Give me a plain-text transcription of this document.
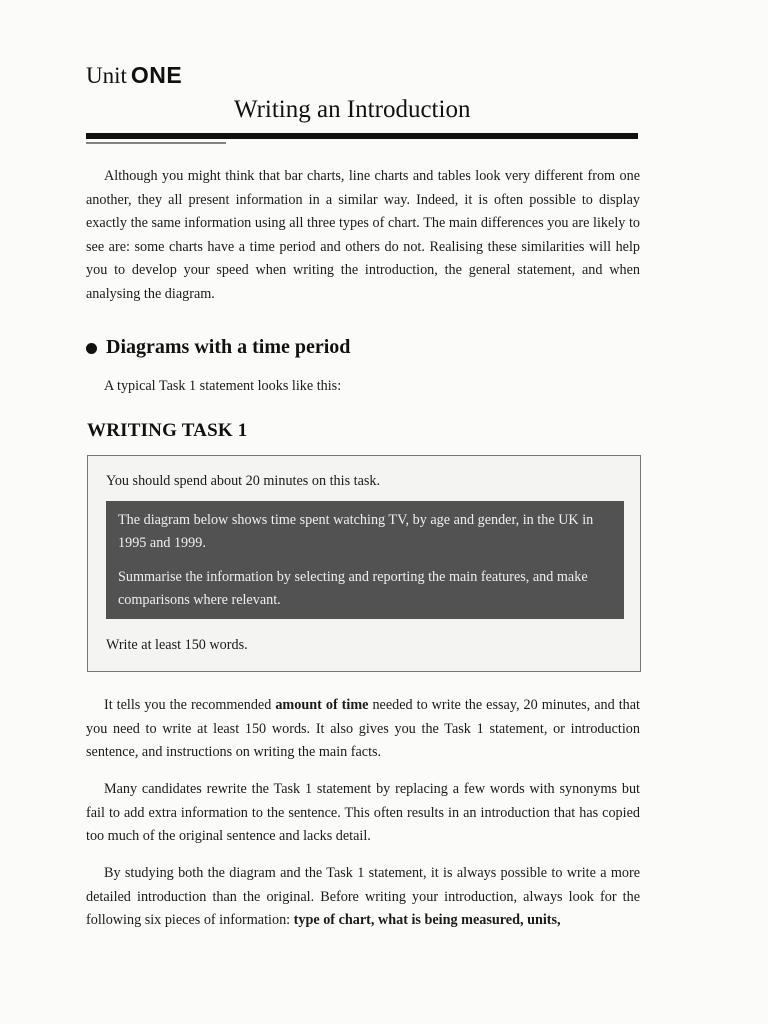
Unit ONE
Writing an Introduction
Although you might think that bar charts, line charts and tables look very different from one another, they all present information in a similar way. Indeed, it is often possible to display exactly the same information using all three types of chart. The main differences you are likely to see are: some charts have a time period and others do not. Realising these similarities will help you to develop your speed when writing the introduction, the general statement, and when analysing the diagram.
Diagrams with a time period
A typical Task 1 statement looks like this:
WRITING TASK 1
You should spend about 20 minutes on this task.
The diagram below shows time spent watching TV, by age and gender, in the UK in 1995 and 1999.
Summarise the information by selecting and reporting the main features, and make comparisons where relevant.
Write at least 150 words.
It tells you the recommended amount of time needed to write the essay, 20 minutes, and that you need to write at least 150 words. It also gives you the Task 1 statement, or introduction sentence, and instructions on writing the main facts.
Many candidates rewrite the Task 1 statement by replacing a few words with synonyms but fail to add extra information to the sentence. This often results in an introduction that has copied too much of the original sentence and lacks detail.
By studying both the diagram and the Task 1 statement, it is always possible to write a more detailed introduction than the original. Before writing your introduction, always look for the following six pieces of information: type of chart, what is being measured, units,
